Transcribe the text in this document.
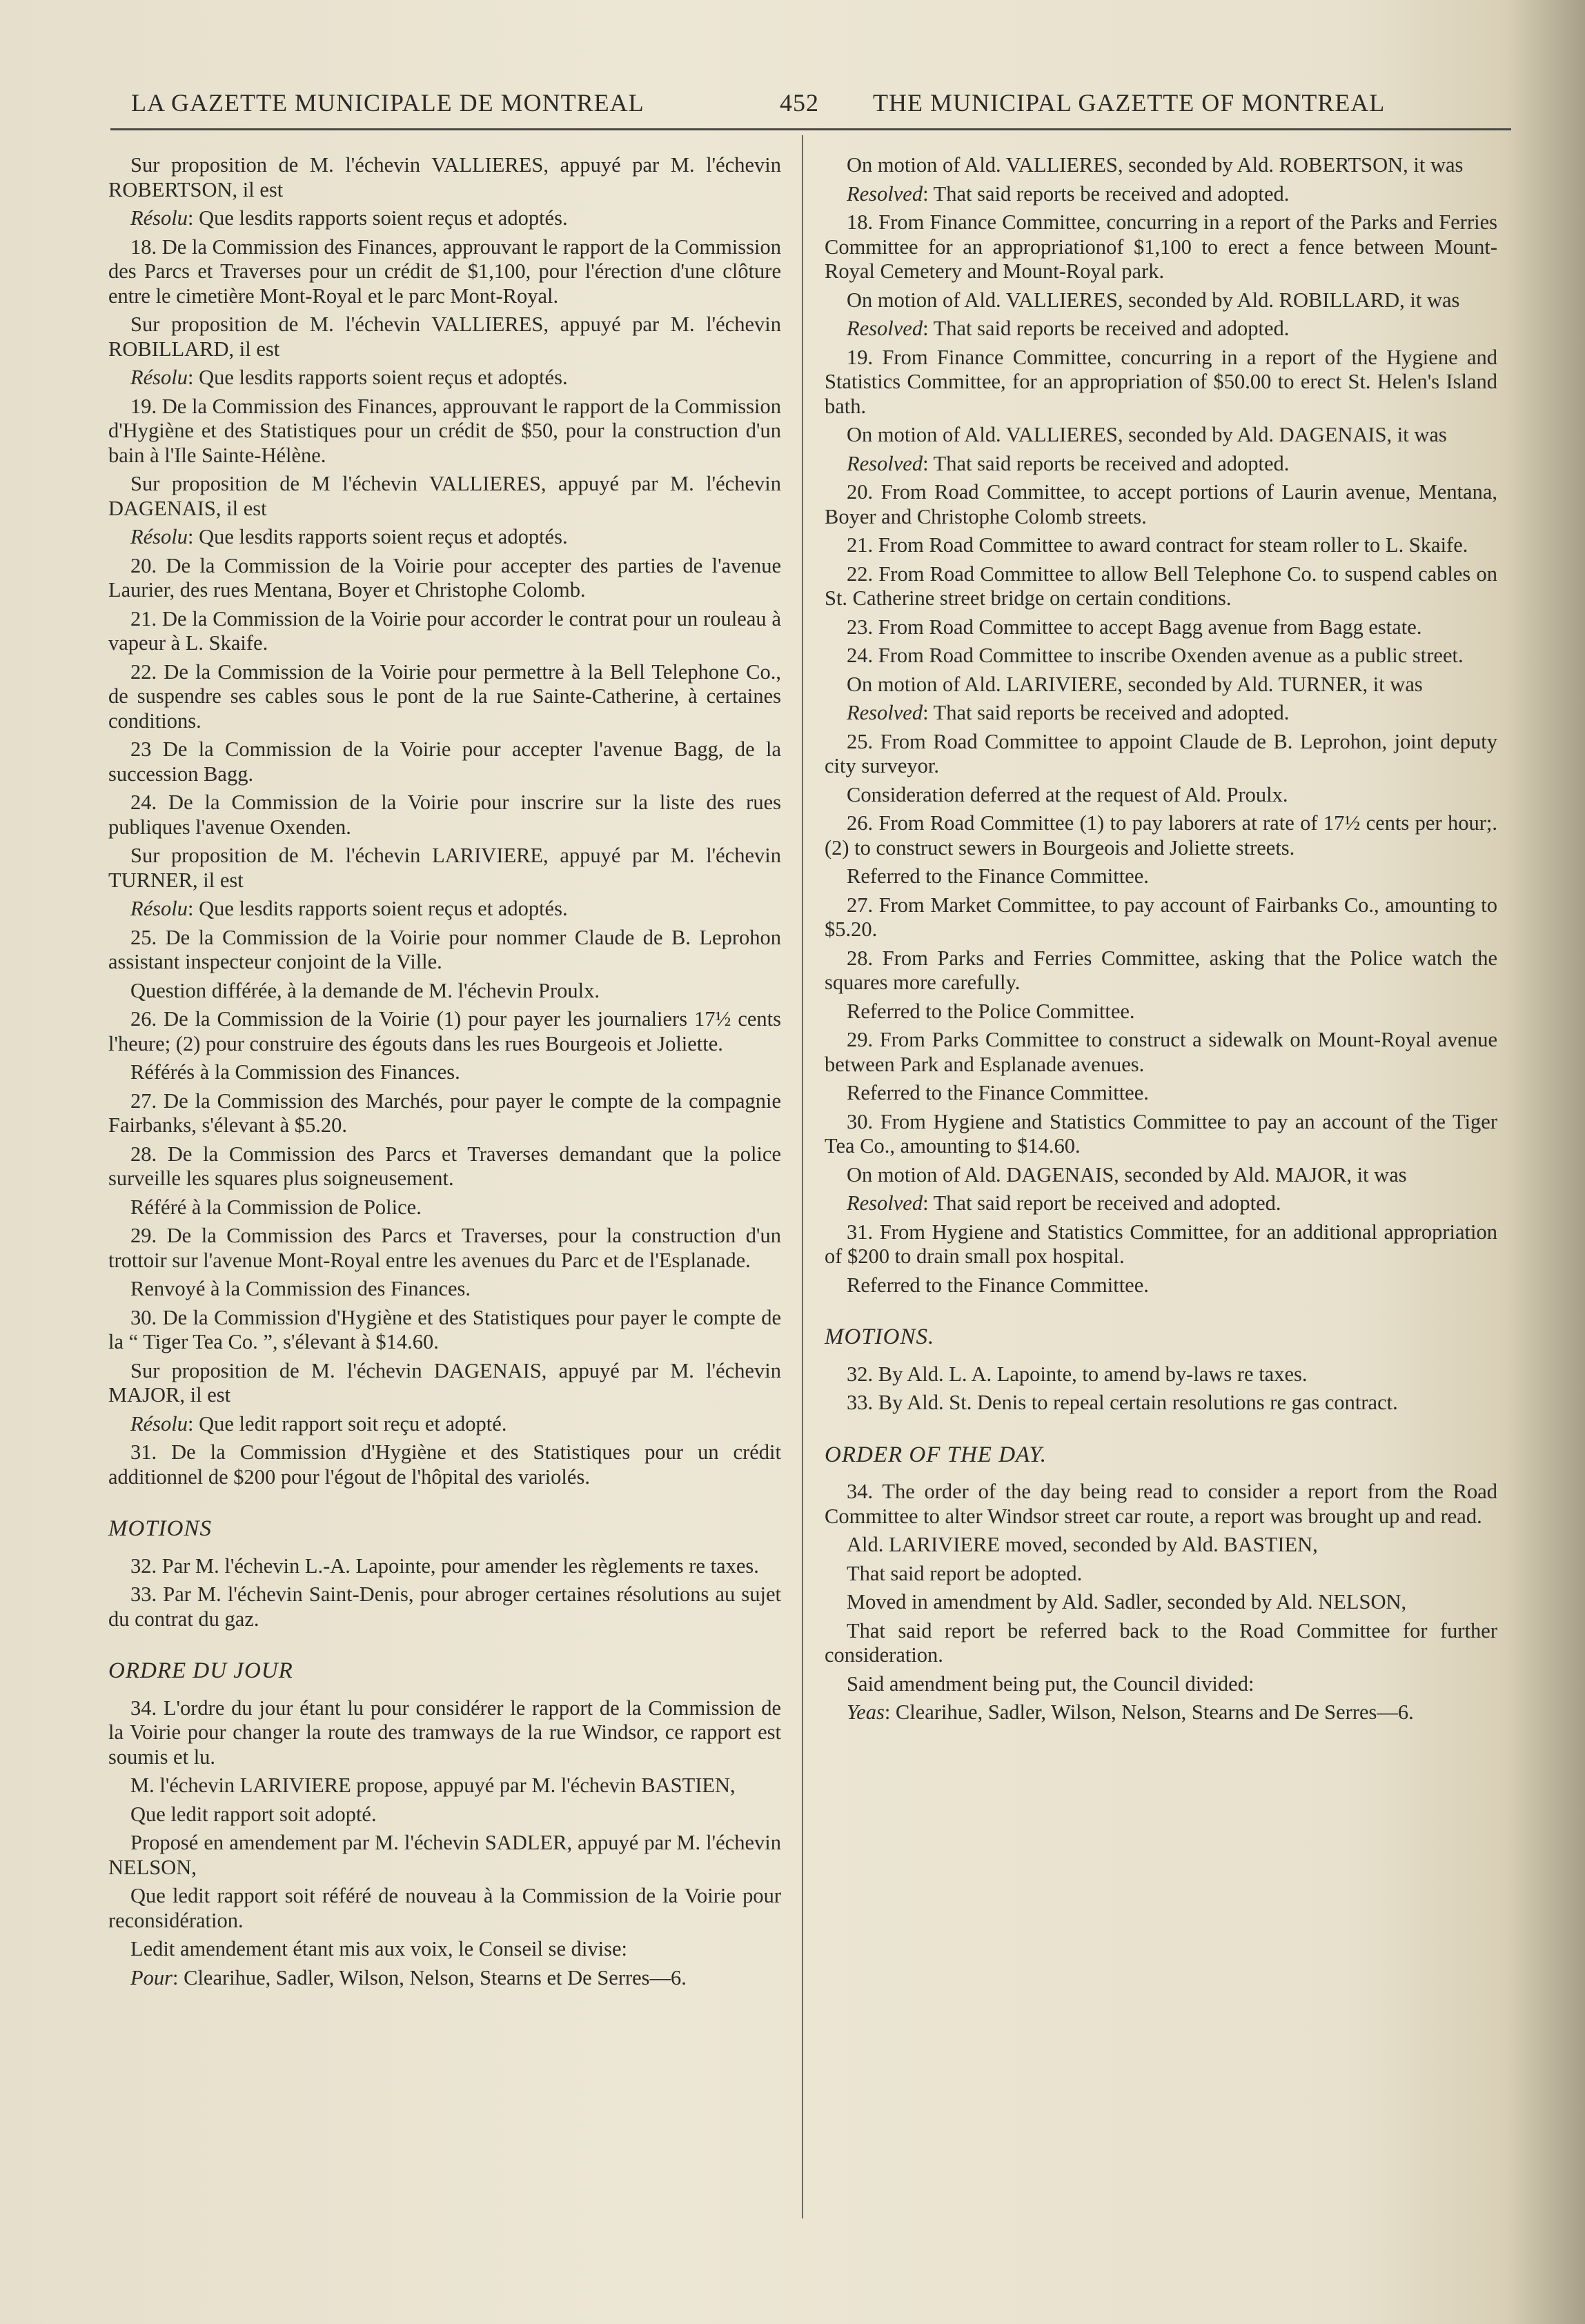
LA GAZETTE MUNICIPALE DE MONTREAL	452 THE MUNICIPAL GAZETTE OF MONTREAL

Sur proposition de M. l'échevin VALLIERES, appuyé par M. l'échevin ROBERTSON, il est

Résolu: Que lesdits rapports soient reçus et adoptés.

18. De la Commission des Finances, approuvant le rapport de la Commission des Parcs et Traverses pour un crédit de $1,100, pour l'érection d'une clôture entre le cimetière Mont-Royal et le parc Mont-Royal.

Sur proposition de M. l'échevin VALLIERES, appuyé par M. l'échevin ROBILLARD, il est

Résolu: Que lesdits rapports soient reçus et adoptés.

19. De la Commission des Finances, approuvant le rapport de la Commission d'Hygiène et des Statistiques pour un crédit de $50, pour la construction d'un bain à l'Ile Sainte-Hélène.

Sur proposition de M l'échevin VALLIERES, appuyé par M. l'échevin DAGENAIS, il est

Résolu: Que lesdits rapports soient reçus et adoptés.

20. De la Commission de la Voirie pour accepter des parties de l'avenue Laurier, des rues Mentana, Boyer et Christophe Colomb.

21. De la Commission de la Voirie pour accorder le contrat pour un rouleau à vapeur à L. Skaife.

22. De la Commission de la Voirie pour permettre à la Bell Telephone Co., de suspendre ses cables sous le pont de la rue Sainte-Catherine, à certaines conditions.

23 De la Commission de la Voirie pour accepter l'avenue Bagg, de la succession Bagg.

24. De la Commission de la Voirie pour inscrire sur la liste des rues publiques l'avenue Oxenden.

Sur proposition de M. l'échevin LARIVIERE, appuyé par M. l'échevin TURNER, il est

Résolu: Que lesdits rapports soient reçus et adoptés.

25. De la Commission de la Voirie pour nommer Claude de B. Leprohon assistant inspecteur conjoint de la Ville.

Question différée, à la demande de M. l'échevin Proulx.

26. De la Commission de la Voirie (1) pour payer les journaliers 17½ cents l'heure; (2) pour construire des égouts dans les rues Bourgeois et Joliette.

Référés à la Commission des Finances.

27. De la Commission des Marchés, pour payer le compte de la compagnie Fairbanks, s'élevant à $5.20.

28. De la Commission des Parcs et Traverses demandant que la police surveille les squares plus soigneusement.

Référé à la Commission de Police.

29. De la Commission des Parcs et Traverses, pour la construction d'un trottoir sur l'avenue Mont-Royal entre les avenues du Parc et de l'Esplanade.

Renvoyé à la Commission des Finances.

30. De la Commission d'Hygiène et des Statistiques pour payer le compte de la “ Tiger Tea Co. ”, s'élevant à $14.60.

Sur proposition de M. l'échevin DAGENAIS, appuyé par M. l'échevin MAJOR, il est

Résolu: Que ledit rapport soit reçu et adopté.

31. De la Commission d'Hygiène et des Statistiques pour un crédit additionnel de $200 pour l'égout de l'hôpital des variolés.

MOTIONS

32. Par M. l'échevin L.-A. Lapointe, pour amender les règlements re taxes.

33. Par M. l'échevin Saint-Denis, pour abroger certaines résolutions au sujet du contrat du gaz.

ORDRE DU JOUR

34. L'ordre du jour étant lu pour considérer le rapport de la Commission de la Voirie pour changer la route des tramways de la rue Windsor, ce rapport est soumis et lu.

M. l'échevin LARIVIERE propose, appuyé par M. l'échevin BASTIEN,

Que ledit rapport soit adopté.

Proposé en amendement par M. l'échevin SADLER, appuyé par M. l'échevin NELSON,

Que ledit rapport soit référé de nouveau à la Commission de la Voirie pour reconsidération.

Ledit amendement étant mis aux voix, le Conseil se divise:

Pour: Clearihue, Sadler, Wilson, Nelson, Stearns et De Serres—6.

On motion of Ald. VALLIERES, seconded by Ald. ROBERTSON, it was

Resolved: That said reports be received and adopted.

18. From Finance Committee, concurring in a report of the Parks and Ferries Committee for an appropriationof $1,100 to erect a fence between Mount-Royal Cemetery and Mount-Royal park.

On motion of Ald. VALLIERES, seconded by Ald. ROBILLARD, it was

Resolved: That said reports be received and adopted.

19. From Finance Committee, concurring in a report of the Hygiene and Statistics Committee, for an appropriation of $50.00 to erect St. Helen's Island bath.

On motion of Ald. VALLIERES, seconded by Ald. DAGENAIS, it was

Resolved: That said reports be received and adopted.

20. From Road Committee, to accept portions of Laurin avenue, Mentana, Boyer and Christophe Colomb streets.

21. From Road Committee to award contract for steam roller to L. Skaife.

22. From Road Committee to allow Bell Telephone Co. to suspend cables on St. Catherine street bridge on certain conditions.

23. From Road Committee to accept Bagg avenue from Bagg estate.

24. From Road Committee to inscribe Oxenden avenue as a public street.

On motion of Ald. LARIVIERE, seconded by Ald. TURNER, it was

Resolved: That said reports be received and adopted.

25. From Road Committee to appoint Claude de B. Leprohon, joint deputy city surveyor.

Consideration deferred at the request of Ald. Proulx.

26. From Road Committee (1) to pay laborers at rate of 17½ cents per hour;. (2) to construct sewers in Bourgeois and Joliette streets.

Referred to the Finance Committee.

27. From Market Committee, to pay account of Fairbanks Co., amounting to $5.20.

28. From Parks and Ferries Committee, asking that the Police watch the squares more carefully.

Referred to the Police Committee.

29. From Parks Committee to construct a sidewalk on Mount-Royal avenue between Park and Esplanade avenues.

Referred to the Finance Committee.

30. From Hygiene and Statistics Committee to pay an account of the Tiger Tea Co., amounting to $14.60.

On motion of Ald. DAGENAIS, seconded by Ald. MAJOR, it was

Resolved: That said report be received and adopted.

31. From Hygiene and Statistics Committee, for an additional appropriation of $200 to drain small pox hospital.

Referred to the Finance Committee.

MOTIONS.

32. By Ald. L. A. Lapointe, to amend by-laws re taxes.

33. By Ald. St. Denis to repeal certain resolutions re gas contract.

ORDER OF THE DAY.

34. The order of the day being read to consider a report from the Road Committee to alter Windsor street car route, a report was brought up and read.

Ald. LARIVIERE moved, seconded by Ald. BASTIEN,

That said report be adopted.

Moved in amendment by Ald. Sadler, seconded by Ald. NELSON,

That said report be referred back to the Road Committee for further consideration.

Said amendment being put, the Council divided:

Yeas: Clearihue, Sadler, Wilson, Nelson, Stearns and De Serres—6.
